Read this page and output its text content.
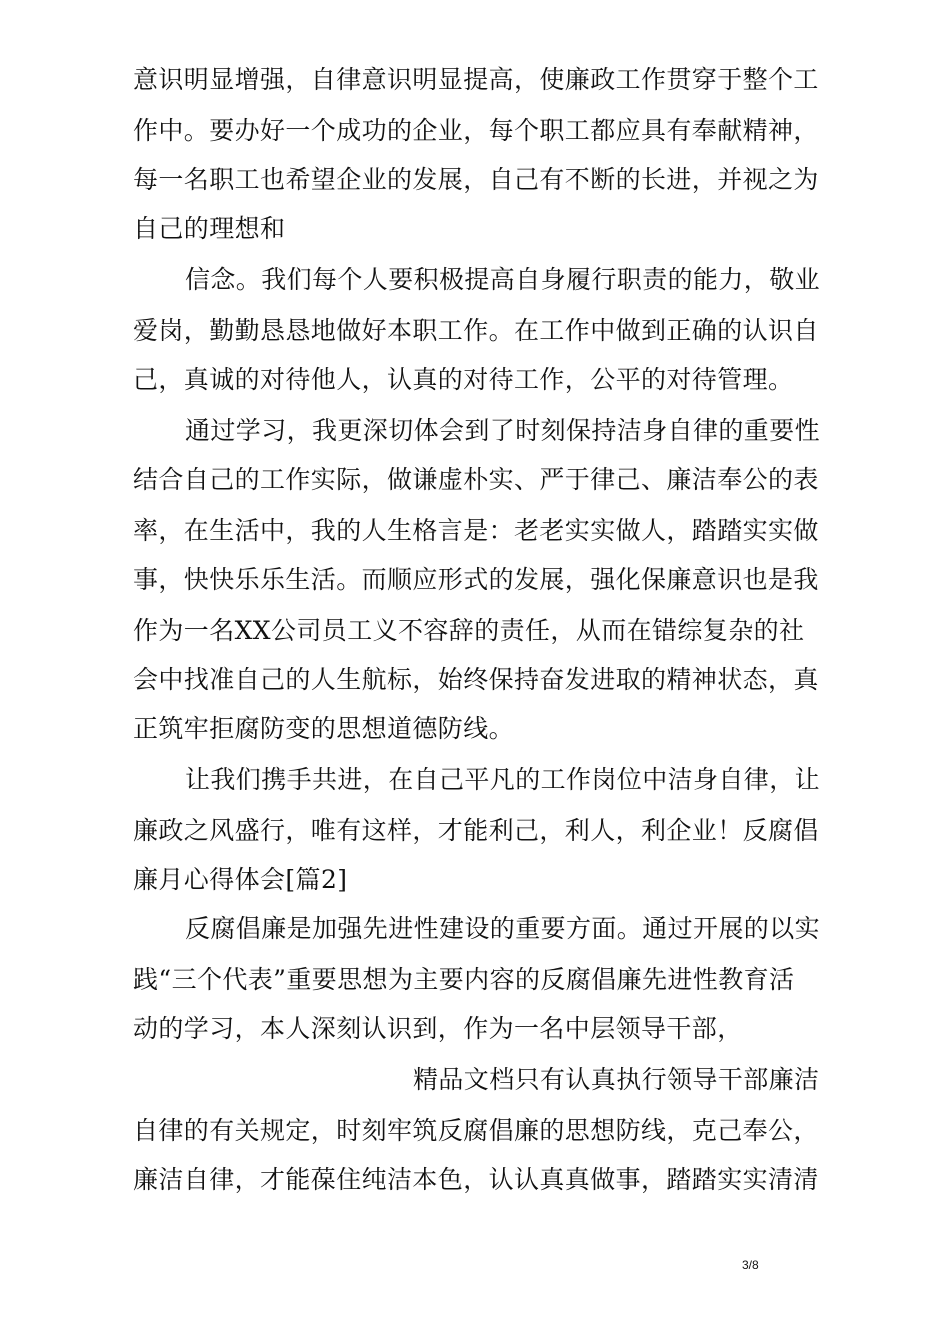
意识明显增强，自律意识明显提高，使廉政工作贯穿于整个工
作中。要办好一个成功的企业，每个职工都应具有奉献精神，
每一名职工也希望企业的发展，自己有不断的长进，并视之为
自己的理想和
信念。我们每个人要积极提高自身履行职责的能力，敬业
爱岗，勤勤恳恳地做好本职工作。在工作中做到正确的认识自
己，真诚的对待他人，认真的对待工作，公平的对待管理。
通过学习，我更深切体会到了时刻保持洁身自律的重要性
结合自己的工作实际，做谦虚朴实、严于律己、廉洁奉公的表
率，在生活中，我的人生格言是：老老实实做人，踏踏实实做
事，快快乐乐生活。而顺应形式的发展，强化保廉意识也是我
作为一名XX公司员工义不容辞的责任，从而在错综复杂的社
会中找准自己的人生航标，始终保持奋发进取的精神状态，真
正筑牢拒腐防变的思想道德防线。
让我们携手共进，在自己平凡的工作岗位中洁身自律，让
廉政之风盛行，唯有这样，才能利己，利人，利企业！反腐倡
廉月心得体会[篇2]
反腐倡廉是加强先进性建设的重要方面。通过开展的以实
践“三个代表”重要思想为主要内容的反腐倡廉先进性教育活
动的学习，本人深刻认识到，作为一名中层领导干部，
精品文档只有认真执行领导干部廉洁
自律的有关规定，时刻牢筑反腐倡廉的思想防线，克己奉公，
廉洁自律，才能葆住纯洁本色，认认真真做事，踏踏实实清清
3/8
